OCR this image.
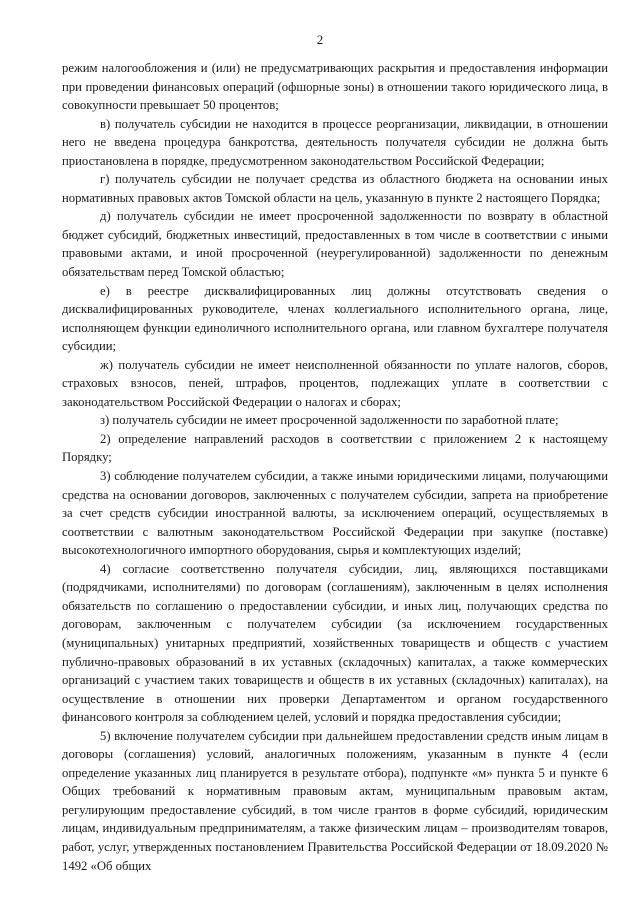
2

режим налогообложения и (или) не предусматривающих раскрытия и предоставления информации при проведении финансовых операций (офшорные зоны) в отношении такого юридического лица, в совокупности превышает 50 процентов;

в) получатель субсидии не находится в процессе реорганизации, ликвидации, в отношении него не введена процедура банкротства, деятельность получателя субсидии не должна быть приостановлена в порядке, предусмотренном законодательством Российской Федерации;

г) получатель субсидии не получает средства из областного бюджета на основании иных нормативных правовых актов Томской области на цель, указанную в пункте 2 настоящего Порядка;

д) получатель субсидии не имеет просроченной задолженности по возврату в областной бюджет субсидий, бюджетных инвестиций, предоставленных в том числе в соответствии с иными правовыми актами, и иной просроченной (неурегулированной) задолженности по денежным обязательствам перед Томской областью;

е) в реестре дисквалифицированных лиц должны отсутствовать сведения о дисквалифицированных руководителе, членах коллегиального исполнительного органа, лице, исполняющем функции единоличного исполнительного органа, или главном бухгалтере получателя субсидии;

ж) получатель субсидии не имеет неисполненной обязанности по уплате налогов, сборов, страховых взносов, пеней, штрафов, процентов, подлежащих уплате в соответствии с законодательством Российской Федерации о налогах и сборах;

з) получатель субсидии не имеет просроченной задолженности по заработной плате;

2) определение направлений расходов в соответствии с приложением 2 к настоящему Порядку;

3) соблюдение получателем субсидии, а также иными юридическими лицами, получающими средства на основании договоров, заключенных с получателем субсидии, запрета на приобретение за счет средств субсидии иностранной валюты, за исключением операций, осуществляемых в соответствии с валютным законодательством Российской Федерации при закупке (поставке) высокотехнологичного импортного оборудования, сырья и комплектующих изделий;

4) согласие соответственно получателя субсидии, лиц, являющихся поставщиками (подрядчиками, исполнителями) по договорам (соглашениям), заключенным в целях исполнения обязательств по соглашению о предоставлении субсидии, и иных лиц, получающих средства по договорам, заключенным с получателем субсидии (за исключением государственных (муниципальных) унитарных предприятий, хозяйственных товариществ и обществ с участием публично-правовых образований в их уставных (складочных) капиталах, а также коммерческих организаций с участием таких товариществ и обществ в их уставных (складочных) капиталах), на осуществление в отношении них проверки Департаментом и органом государственного финансового контроля за соблюдением целей, условий и порядка предоставления субсидии;

5) включение получателем субсидии при дальнейшем предоставлении средств иным лицам в договоры (соглашения) условий, аналогичных положениям, указанным в пункте 4 (если определение указанных лиц планируется в результате отбора), подпункте «м» пункта 5 и пункте 6 Общих требований к нормативным правовым актам, муниципальным правовым актам, регулирующим предоставление субсидий, в том числе грантов в форме субсидий, юридическим лицам, индивидуальным предпринимателям, а также физическим лицам – производителям товаров, работ, услуг, утвержденных постановлением Правительства Российской Федерации от 18.09.2020 № 1492 «Об общих
